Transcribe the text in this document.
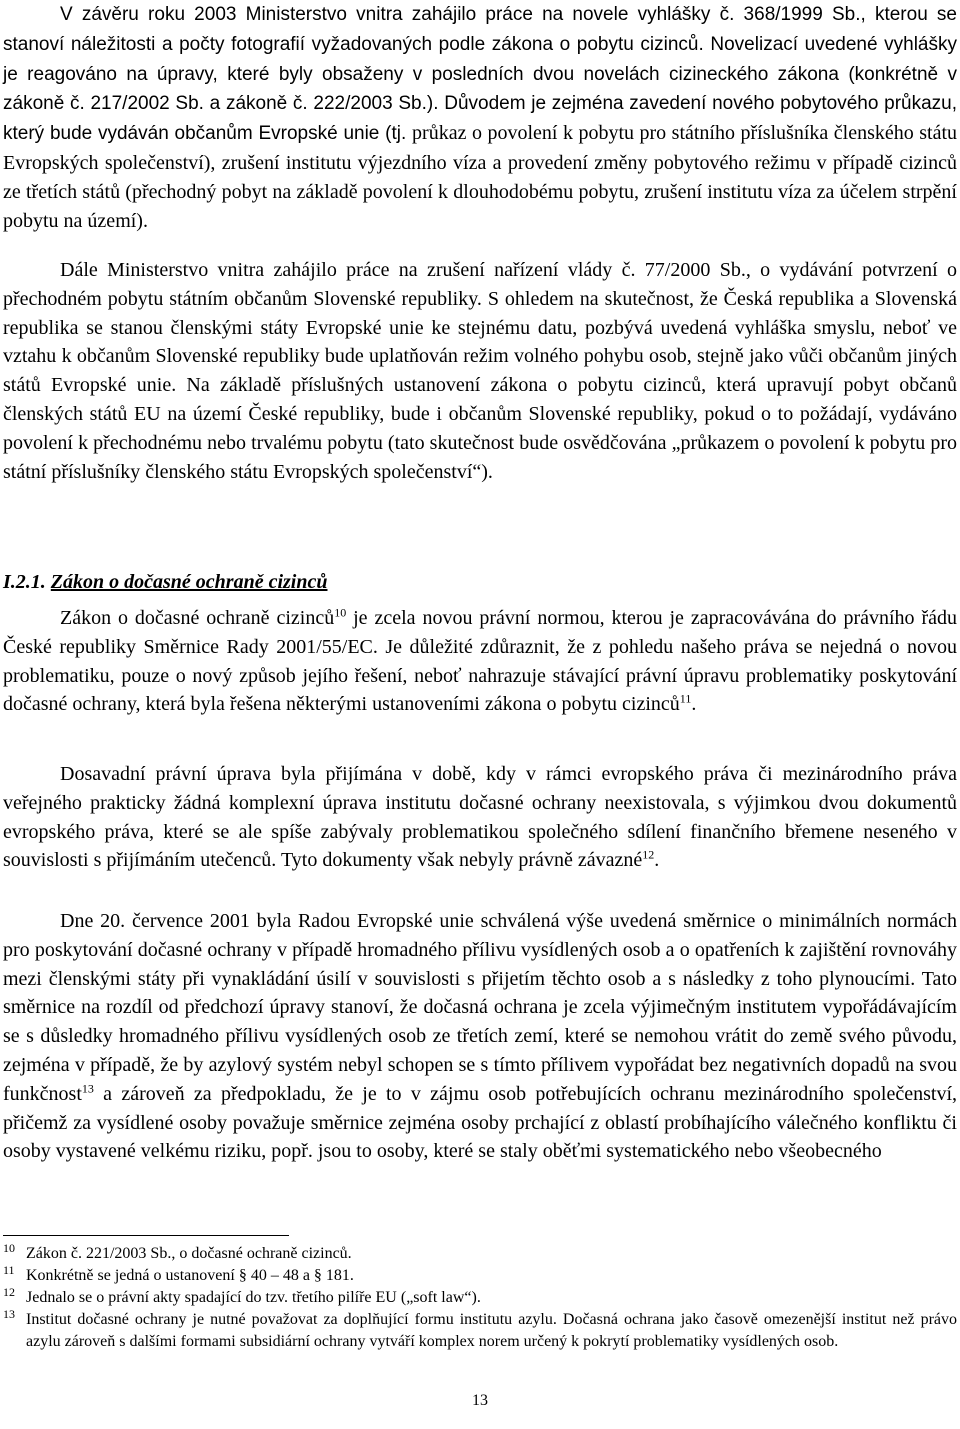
V závěru roku 2003 Ministerstvo vnitra zahájilo práce na novele vyhlášky č. 368/1999 Sb., kterou se stanoví náležitosti a počty fotografií vyžadovaných podle zákona o pobytu cizinců. Novelizací uvedené vyhlášky je reagováno na úpravy, které byly obsaženy v posledních dvou novelách cizineckého zákona (konkrétně v zákoně č. 217/2002 Sb. a zákoně č. 222/2003 Sb.). Důvodem je zejména zavedení nového pobytového průkazu, který bude vydáván občanům Evropské unie (tj. průkaz o povolení k pobytu pro státního příslušníka členského státu Evropských společenství), zrušení institutu výjezdního víza a provedení změny pobytového režimu v případě cizinců ze třetích států (přechodný pobyt na základě povolení k dlouhodobému pobytu, zrušení institutu víza za účelem strpění pobytu na území).

Dále Ministerstvo vnitra zahájilo práce na zrušení nařízení vlády č. 77/2000 Sb., o vydávání potvrzení o přechodném pobytu státním občanům Slovenské republiky. S ohledem na skutečnost, že Česká republika a Slovenská republika se stanou členskými státy Evropské unie ke stejnému datu, pozbývá uvedená vyhláška smyslu, neboť ve vztahu k občanům Slovenské republiky bude uplatňován režim volného pohybu osob, stejně jako vůči občanům jiných států Evropské unie. Na základě příslušných ustanovení zákona o pobytu cizinců, která upravují pobyt občanů členských států EU na území České republiky, bude i občanům Slovenské republiky, pokud o to požádají, vydáváno povolení k přechodnému nebo trvalému pobytu (tato skutečnost bude osvědčována „průkazem o povolení k pobytu pro státní příslušníky členského státu Evropských společenství“).

I.2.1. Zákon o dočasné ochraně cizinců

Zákon o dočasné ochraně cizinců$^{10}$ je zcela novou právní normou, kterou je zapracovávána do právního řádu České republiky Směrnice Rady 2001/55/EC. Je důležité zdůraznit, že z pohledu našeho práva se nejedná o novou problematiku, pouze o nový způsob jejího řešení, neboť nahrazuje stávající právní úpravu problematiky poskytování dočasné ochrany, která byla řešena některými ustanoveními zákona o pobytu cizinců$^{11}$.

Dosavadní právní úprava byla přijímána v době, kdy v rámci evropského práva či mezinárodního práva veřejného prakticky žádná komplexní úprava institutu dočasné ochrany neexistovala, s výjimkou dvou dokumentů evropského práva, které se ale spíše zabývaly problematikou společného sdílení finančního břemene neseného v souvislosti s přijímáním utečenců. Tyto dokumenty však nebyly právně závazné$^{12}$.

Dne 20. července 2001 byla Radou Evropské unie schválená výše uvedená směrnice o minimálních normách pro poskytování dočasné ochrany v případě hromadného přílivu vysídlených osob a o opatřeních k zajištění rovnováhy mezi členskými státy při vynakládání úsilí v souvislosti s přijetím těchto osob a s následky z toho plynoucími. Tato směrnice na rozdíl od předchozí úpravy stanoví, že dočasná ochrana je zcela výjimečným institutem vypořádávajícím se s důsledky hromadného přílivu vysídlených osob ze třetích zemí, které se nemohou vrátit do země svého původu, zejména v případě, že by azylový systém nebyl schopen se s tímto přílivem vypořádat bez negativních dopadů na svou funkčnost$^{13}$ a zároveň za předpokladu, že je to v zájmu osob potřebujících ochranu mezinárodního společenství, přičemž za vysídlené osoby považuje směrnice zejména osoby prchající z oblastí probíhajícího válečného konfliktu či osoby vystavené velkému riziku, popř. jsou to osoby, které se staly oběťmi systematického nebo všeobecného

10 Zákon č. 221/2003 Sb., o dočasné ochraně cizinců.
11 Konkrétně se jedná o ustanovení § 40 – 48 a § 181.
12 Jednalo se o právní akty spadající do tzv. třetího pilíře EU („soft law“).
13 Institut dočasné ochrany je nutné považovat za doplňující formu institutu azylu. Dočasná ochrana jako časově omezenější institut než právo azylu zároveň s dalšími formami subsidiární ochrany vytváří komplex norem určený k pokrytí problematiky vysídlených osob.
13
